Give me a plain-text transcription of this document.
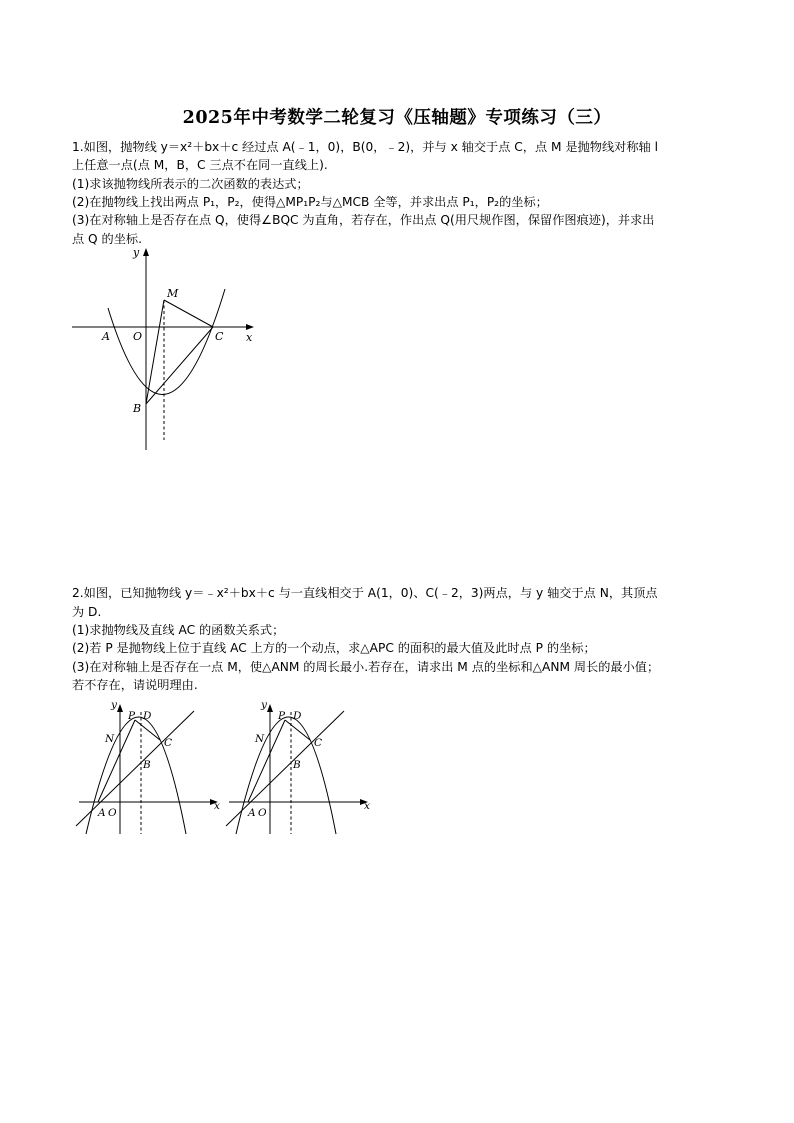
2025年中考数学二轮复习《压轴题》专项练习（三）
1.如图，抛物线 y＝x²＋bx＋c 经过点 A(﹣1，0)，B(0，﹣2)，并与 x 轴交于点 C，点 M 是抛物线对称轴 l
上任意一点(点 M，B，C 三点不在同一直线上).
(1)求该抛物线所表示的二次函数的表达式；
(2)在抛物线上找出两点 P₁，P₂，使得△MP₁P₂与△MCB 全等，并求出点 P₁，P₂的坐标；
(3)在对称轴上是否存在点 Q，使得∠BQC 为直角，若存在，作出点 Q(用尺规作图，保留作图痕迹)，并求出
点 Q 的坐标.
y
x
M
A O	C
B
2.如图，已知抛物线 y＝﹣x²＋bx＋c 与一直线相交于 A(1，0)、C(﹣2，3)两点，与 y 轴交于点 N，其顶点
为 D.
(1)求抛物线及直线 AC 的函数关系式；
(2)若 P 是抛物线上位于直线 AC 上方的一个动点，求△APC 的面积的最大值及此时点 P 的坐标；
(3)在对称轴上是否存在一点 M，使△ANM 的周长最小.若存在，请求出 M 点的坐标和△ANM 周长的最小值；
若不存在，请说明理由.
y
x
P D
N	C
B
A O
y
x
P D
N	C
B
A O
